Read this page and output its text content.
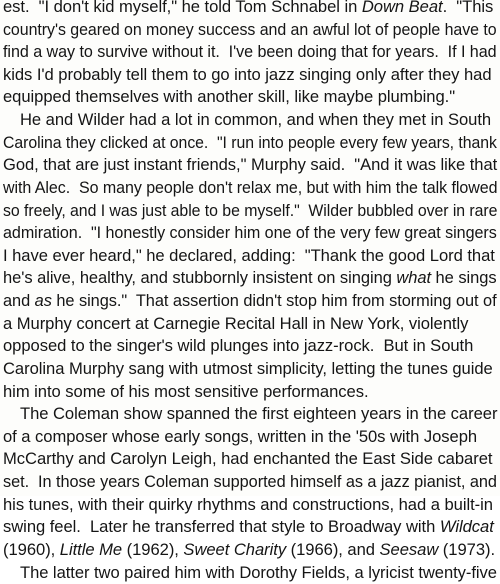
est.  "I don't kid myself," he told Tom Schnabel in Down Beat.  "This
country's geared on money success and an awful lot of people have to
find a way to survive without it.  I've been doing that for years.  If I had
kids I'd probably tell them to go into jazz singing only after they had
equipped themselves with another skill, like maybe plumbing."
He and Wilder had a lot in common, and when they met in South
Carolina they clicked at once.  "I run into people every few years, thank
God, that are just instant friends," Murphy said.  "And it was like that
with Alec.  So many people don't relax me, but with him the talk flowed
so freely, and I was just able to be myself."  Wilder bubbled over in rare
admiration.  "I honestly consider him one of the very few great singers
I have ever heard," he declared, adding:  "Thank the good Lord that
he's alive, healthy, and stubbornly insistent on singing what he sings
and as he sings."  That assertion didn't stop him from storming out of
a Murphy concert at Carnegie Recital Hall in New York, violently
opposed to the singer's wild plunges into jazz-rock.  But in South
Carolina Murphy sang with utmost simplicity, letting the tunes guide
him into some of his most sensitive performances.
The Coleman show spanned the first eighteen years in the career
of a composer whose early songs, written in the '50s with Joseph
McCarthy and Carolyn Leigh, had enchanted the East Side cabaret
set.  In those years Coleman supported himself as a jazz pianist, and
his tunes, with their quirky rhythms and constructions, had a built-in
swing feel.  Later he transferred that style to Broadway with Wildcat
(1960), Little Me (1962), Sweet Charity (1966), and Seesaw (1973).
The latter two paired him with Dorothy Fields, a lyricist twenty-five
